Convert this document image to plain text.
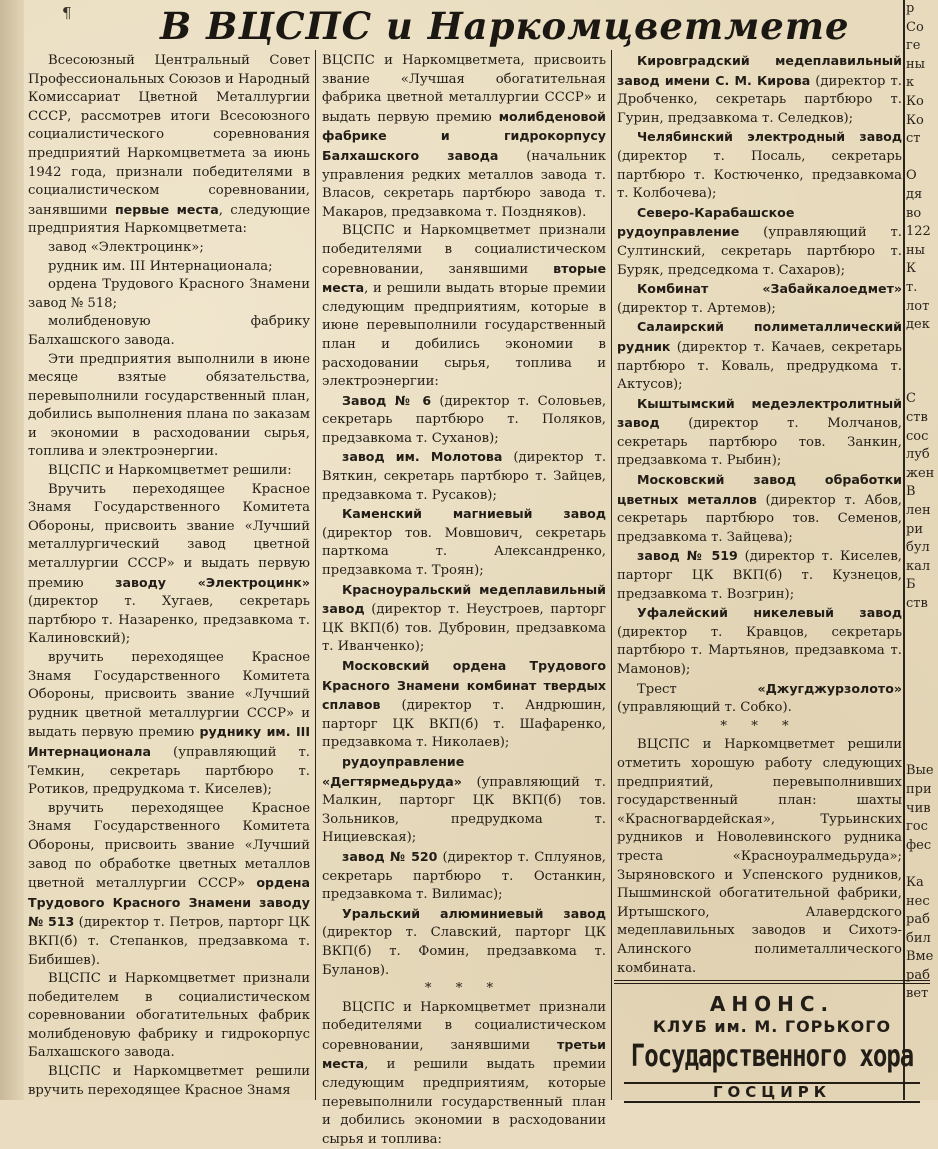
¶ В ВЦСПС и Наркомцветмете

Всесоюзный Центральный Совет Профессиональных Союзов и Народный Комиссариат Цветной Металлургии СССР, рассмотрев итоги Всесоюзного социалистического соревнования предприятий Наркомцветмета за июнь 1942 года, признали победителями в социалистическом соревновании, занявшими первые места, следующие предприятия Наркомцветмета:

завод «Электроцинк»;

рудник им. III Интернационала;

ордена Трудового Красного Знамени завод № 518;

молибденовую фабрику Балхашского завода.

Эти предприятия выполнили в июне месяце взятые обязательства, перевыполнили государственный план, добились выполнения плана по заказам и экономии в расходовании сырья, топлива и электроэнергии.

ВЦСПС и Наркомцветмет решили:

Вручить переходящее Красное Знамя Государственного Комитета Обороны, присвоить звание «Лучший металлургический завод цветной металлургии СССР» и выдать первую премию заводу «Электроцинк» (директор т. Хугаев, секретарь партбюро т. Назаренко, предзавкома т. Калиновский);

вручить переходящее Красное Знамя Государственного Комитета Обороны, присвоить звание «Лучший рудник цветной металлургии СССР» и выдать первую премию руднику им. III Интернационала (управляющий т. Темкин, секретарь партбюро т. Ротиков, предрудкома т. Киселев);

вручить переходящее Красное Знамя Государственного Комитета Обороны, присвоить звание «Лучший завод по обработке цветных металлов цветной металлургии СССР» ордена Трудового Красного Знамени заводу № 513 (директор т. Петров, парторг ЦК ВКП(б) т. Степанков, предзавкома т. Бибишев).

ВЦСПС и Наркомцветмет признали победителем в социалистическом соревновании обогатительных фабрик молибденовую фабрику и гидрокорпус Балхашского завода.

ВЦСПС и Наркомцветмет решили вручить переходящее Красное Знамя

ВЦСПС и Наркомцветмета, присвоить звание «Лучшая обогатительная фабрика цветной металлургии СССР» и выдать первую премию молибденовой фабрике и гидрокорпусу Балхашского завода (начальник управления редких металлов завода т. Власов, секретарь партбюро завода т. Макаров, предзавкома т. Поздняков).

ВЦСПС и Наркомцветмет признали победителями в социалистическом соревновании, занявшими вторые места, и решили выдать вторые премии следующим предприятиям, которые в июне перевыполнили государственный план и добились экономии в расходовании сырья, топлива и электроэнергии:

Завод № 6 (директор т. Соловьев, секретарь партбюро т. Поляков, предзавкома т. Суханов);

завод им. Молотова (директор т. Вяткин, секретарь партбюро т. Зайцев, предзавкома т. Русаков);

Каменский магниевый завод (директор тов. Мовшович, секретарь парткома т. Александренко, предзавкома т. Троян);

Красноуральский медеплавильный завод (директор т. Неустроев, парторг ЦК ВКП(б) тов. Дубровин, предзавкома т. Иванченко);

Московский ордена Трудового Красного Знамени комбинат твердых сплавов (директор т. Андрюшин, парторг ЦК ВКП(б) т. Шафаренко, предзавкома т. Николаев);

рудоуправление «Дегтярмедьруда» (управляющий т. Малкин, парторг ЦК ВКП(б) тов. Зольников, предрудкома т. Нициевская);

завод № 520 (директор т. Сплуянов, секретарь партбюро т. Останкин, предзавкома т. Вилимас);

Уральский алюминиевый завод (директор т. Славский, парторг ЦК ВКП(б) т. Фомин, предзавкома т. Буланов).

* * *

ВЦСПС и Наркомцветмет признали победителями в социалистическом соревновании, занявшими третьи места, и решили выдать премии следующим предприятиям, которые перевыполнили государственный план и добились экономии в расходовании сырья и топлива:

Кировградский медеплавильный завод имени С. М. Кирова (директор т. Дробченко, секретарь партбюро т. Гурин, предзавкома т. Селедков);

Челябинский электродный завод (директор т. Посаль, секретарь партбюро т. Костюченко, предзавкома т. Колбочева);

Северо-Карабашское рудоуправление (управляющий т. Султинский, секретарь партбюро т. Буряк, председкома т. Сахаров);

Комбинат «Забайкалоедмет» (директор т. Артемов);

Салаирский полиметаллический рудник (директор т. Качаев, секретарь партбюро т. Коваль, предрудкома т. Актусов);

Кыштымский медеэлектролитный завод (директор т. Молчанов, секретарь партбюро тов. Занкин, предзавкома т. Рыбин);

Московский завод обработки цветных металлов (директор т. Абов, секретарь партбюро тов. Семенов, предзавкома т. Зайцева);

завод № 519 (директор т. Киселев, парторг ЦК ВКП(б) т. Кузнецов, предзавкома т. Возгрин);

Уфалейский никелевый завод (директор т. Кравцов, секретарь партбюро т. Мартьянов, предзавкома т. Мамонов);

Трест «Джугджурзолото» (управляющий т. Собко).

* * *

ВЦСПС и Наркомцветмет решили отметить хорошую работу следующих предприятий, перевыполнивших государственный план: шахты «Красногвардейская», Турьинских рудников и Новолевинского рудника треста «Красноуралмедьруда»; Зыряновского и Успенского рудников, Пышминской обогатительной фабрики, Иртышского, Алавердского медеплавильных заводов и Сихотэ-Алинского полиметаллического комбината.

р
Со
ге
ны
к
Ко
Ко
ст
О
дя
во
122
ны
К
т.
лот
дек
С
ств
сос
луб
жен
В
лен
ри
бул
кал
Б
ств
Вые
при
чив
гос
фес
Ка
нес
раб
бил
Вме
раб
вет
АНОНС.
КЛУБ им. М. ГОРЬКОГО
Государственного хора
ГОСЦИРК
